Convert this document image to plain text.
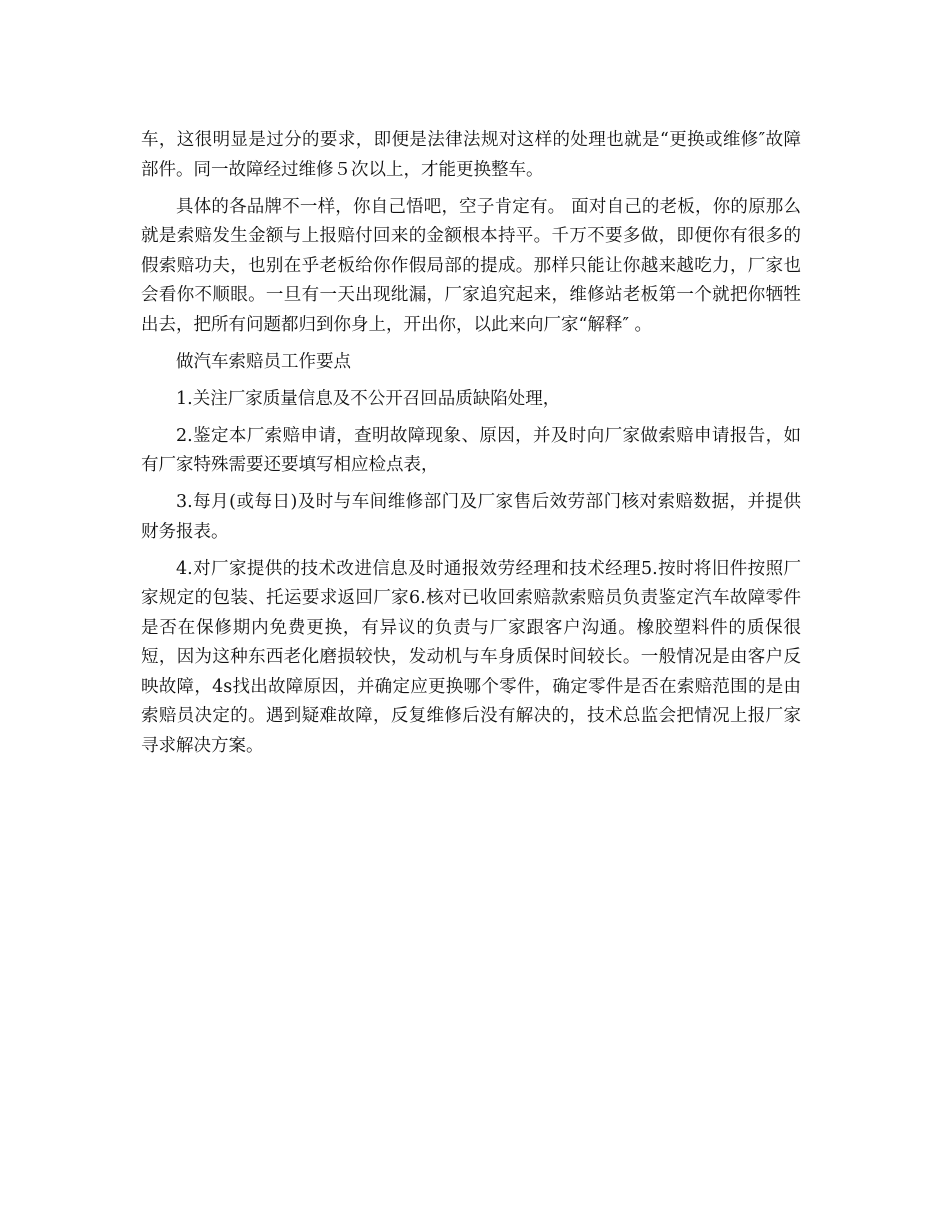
车，这很明显是过分的要求，即便是法律法规对这样的处理也就是“更换或维修″故障部件。同一故障经过维修５次以上，才能更换整车。

具体的各品牌不一样，你自己悟吧，空子肯定有。 面对自己的老板，你的原那么就是索赔发生金额与上报赔付回来的金额根本持平。千万不要多做，即便你有很多的假索赔功夫，也别在乎老板给你作假局部的提成。那样只能让你越来越吃力，厂家也会看你不顺眼。一旦有一天出现纰漏，厂家追究起来，维修站老板第一个就把你牺牲出去，把所有问题都归到你身上，开出你，以此来向厂家“解释″ 。

做汽车索赔员工作要点

1.关注厂家质量信息及不公开召回品质缺陷处理，

2.鉴定本厂索赔申请，查明故障现象、原因，并及时向厂家做索赔申请报告，如有厂家特殊需要还要填写相应检点表，

3.每月(或每日)及时与车间维修部门及厂家售后效劳部门核对索赔数据，并提供财务报表。

4.对厂家提供的技术改进信息及时通报效劳经理和技术经理5.按时将旧件按照厂家规定的包装、托运要求返回厂家6.核对已收回索赔款索赔员负责鉴定汽车故障零件是否在保修期内免费更换，有异议的负责与厂家跟客户沟通。橡胶塑料件的质保很短，因为这种东西老化磨损较快，发动机与车身质保时间较长。一般情况是由客户反映故障，4s找出故障原因，并确定应更换哪个零件，确定零件是否在索赔范围的是由索赔员决定的。遇到疑难故障，反复维修后没有解决的，技术总监会把情况上报厂家寻求解决方案。
